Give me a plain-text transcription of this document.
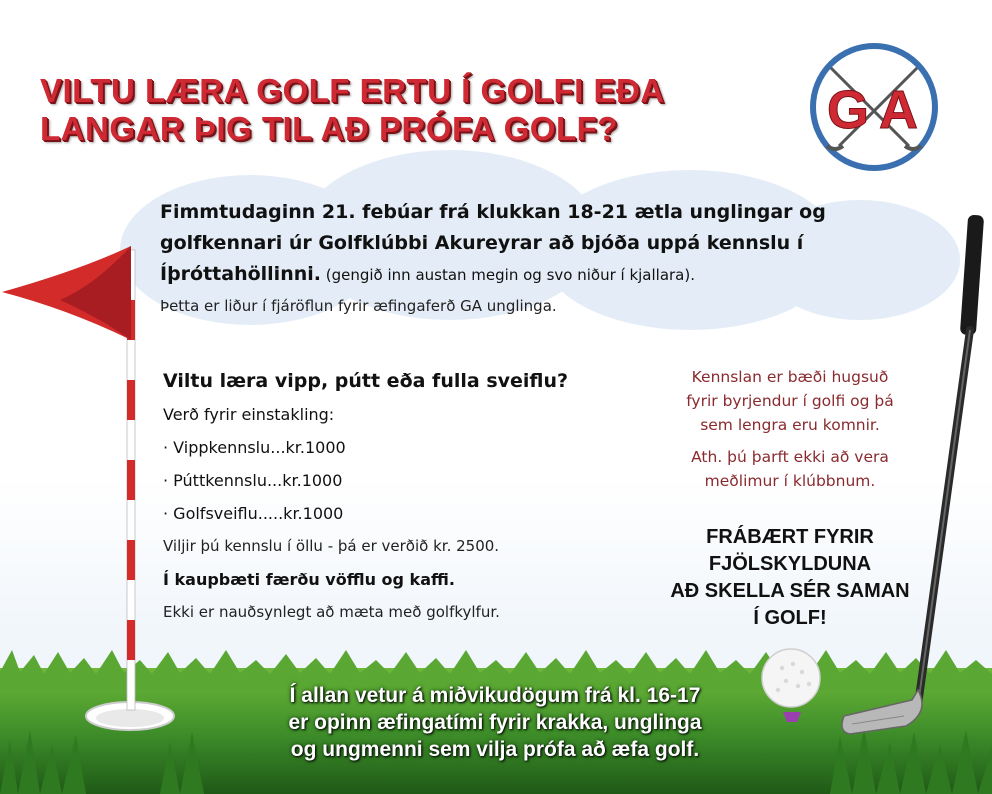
VILTU LÆRA GOLF ERTU Í GOLFI EÐA
LANGAR ÞIG TIL AÐ PRÓFA GOLF?	G A
Fimmtudaginn 21. febúar frá klukkan 18-21 ætla unglingar og
golfkennari úr Golfklúbbi Akureyrar að bjóða uppá kennslu í
Íþróttahöllinni. (gengið inn austan megin og svo niður í kjallara).
Þetta er liður í fjáröflun fyrir æfingaferð GA unglinga.
Viltu læra vipp, pútt eða fulla sveiflu?
Verð fyrir einstakling:
· Vippkennslu...kr.1000
· Púttkennslu...kr.1000
· Golfsveiflu.....kr.1000
Viljir þú kennslu í öllu - þá er verðið kr. 2500.
Í kaupbæti færðu vöfflu og kaffi.
Ekki er nauðsynlegt að mæta með golfkylfur.
Kennslan er bæði hugsuð
fyrir byrjendur í golfi og þá
sem lengra eru komnir.
Ath. þú þarft ekki að vera
meðlimur í klúbbnum.
FRÁBÆRT FYRIR
FJÖLSKYLDUNA
AÐ SKELLA SÉR SAMAN
Í GOLF!
Í allan vetur á miðvikudögum frá kl. 16-17
er opinn æfingatími fyrir krakka, unglinga
og ungmenni sem vilja prófa að æfa golf.
